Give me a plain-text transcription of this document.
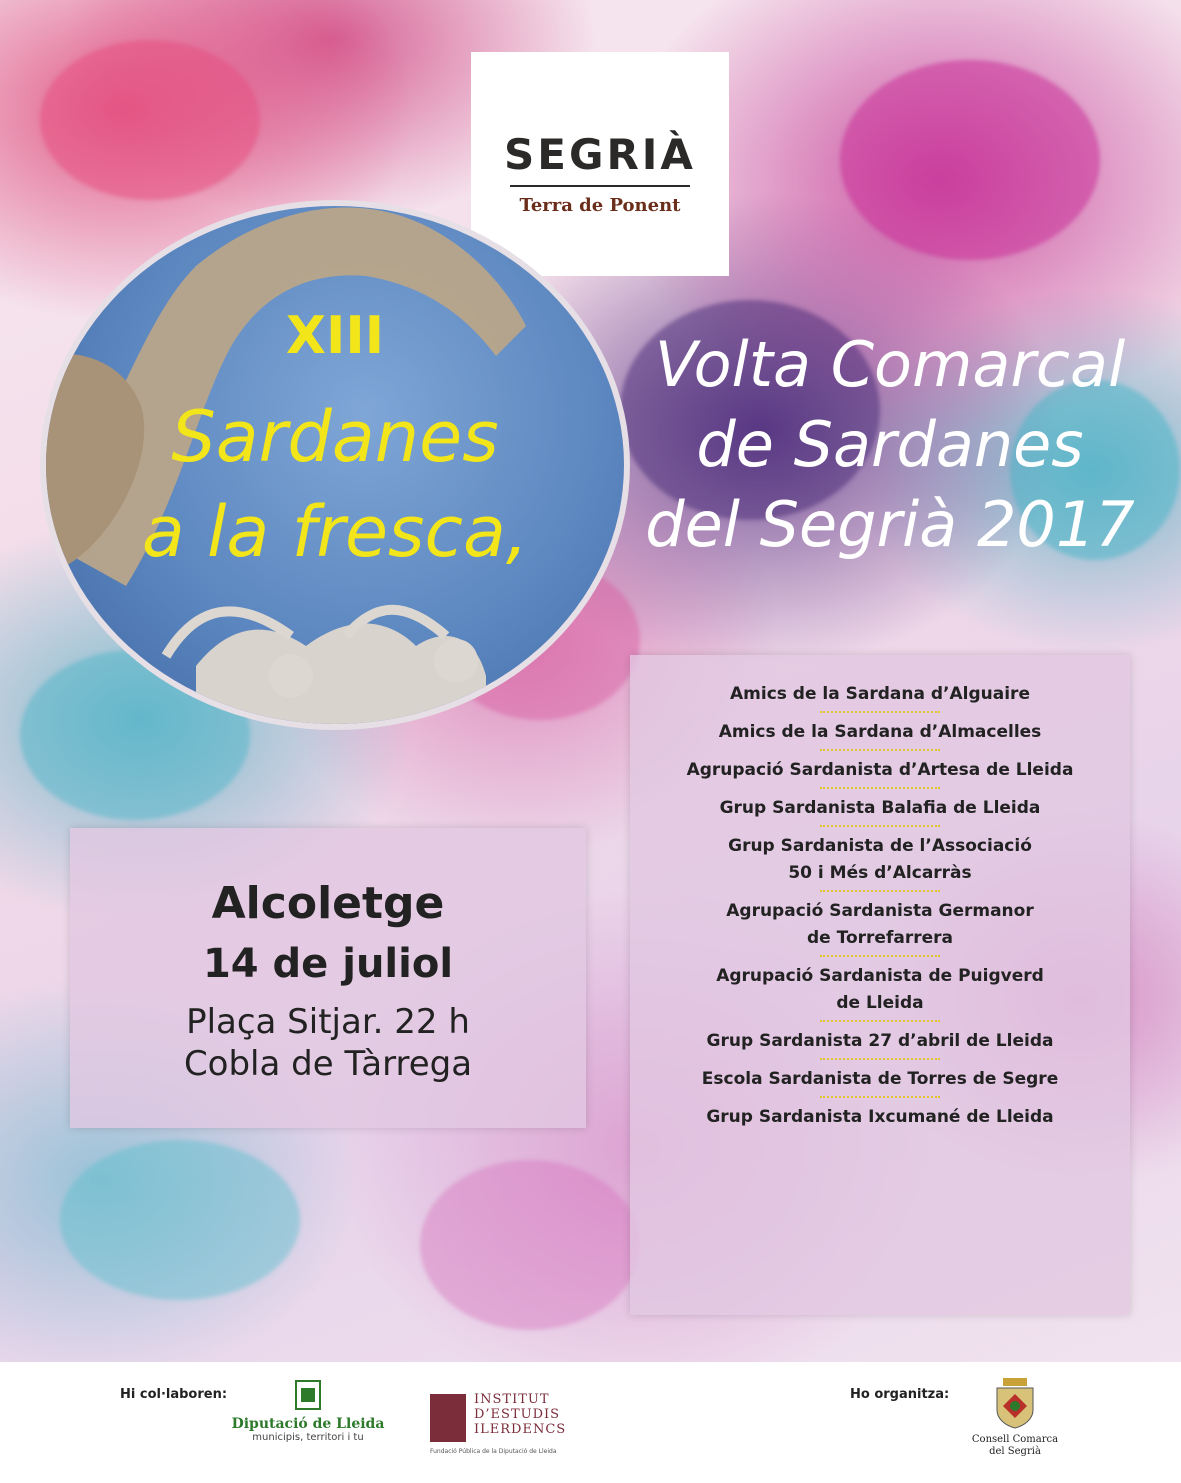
SEGRIÀ
Terra de Ponent
XIII
Sardanes
a la fresca,
Volta Comarcal
de Sardanes
del Segrià 2017
Alcoletge
14 de juliol
Plaça Sitjar. 22 h
Cobla de Tàrrega
Amics de la Sardana d’Alguaire
Amics de la Sardana d’Almacelles
Agrupació Sardanista d’Artesa de Lleida
Grup Sardanista Balafia de Lleida
Grup Sardanista de l’Associació
50 i Més d’Alcarràs
Agrupació Sardanista Germanor
de Torrefarrera
Agrupació Sardanista de Puigverd
de Lleida
Grup Sardanista 27 d’abril de Lleida
Escola Sardanista de Torres de Segre
Grup Sardanista Ixcumané de Lleida
Hi col·laboren:	Ho organitza:
Diputació de Lleida
municipis, territori i tu
INSTITUT
D’ESTUDIS
ILERDENCS
Fundació Pública de la Diputació de Lleida
Consell Comarca
del Segrià
